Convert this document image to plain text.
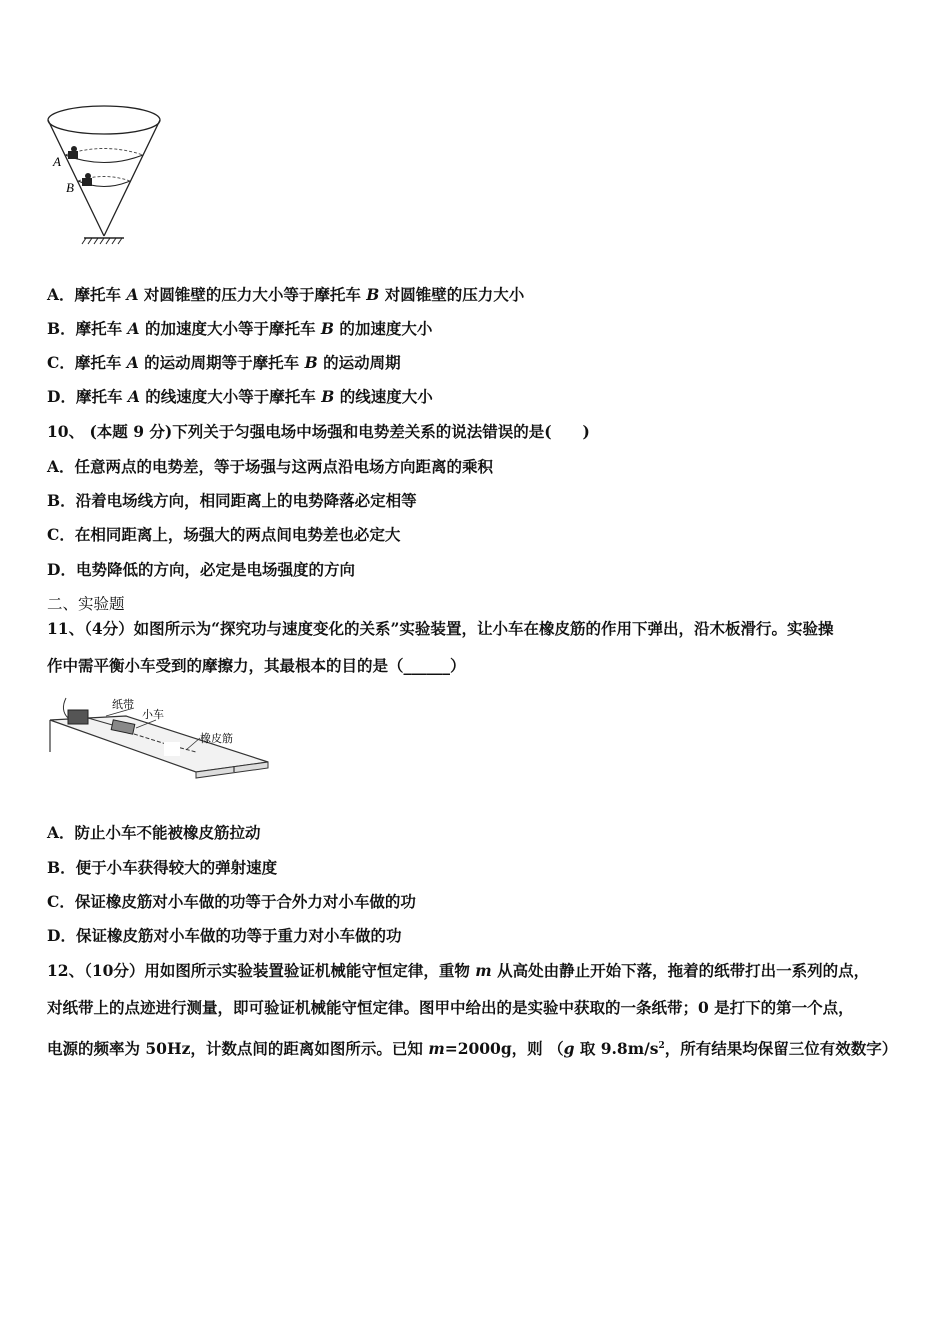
A
B
A．摩托车 A 对圆锥壁的压力大小等于摩托车 B 对圆锥壁的压力大小
B．摩托车 A 的加速度大小等于摩托车 B 的加速度大小
C．摩托车 A 的运动周期等于摩托车 B 的运动周期
D．摩托车 A 的线速度大小等于摩托车 B 的线速度大小
10、 (本题 9 分)下列关于匀强电场中场强和电势差关系的说法错误的是(　　)
A．任意两点的电势差，等于场强与这两点沿电场方向距离的乘积
B．沿着电场线方向，相同距离上的电势降落必定相等
C．在相同距离上，场强大的两点间电势差也必定大
D．电势降低的方向，必定是电场强度的方向
二、实验题
11、（4分）如图所示为“探究功与速度变化的关系”实验装置，让小车在橡皮筋的作用下弹出，沿木板滑行。实验操
作中需平衡小车受到的摩擦力，其最根本的目的是（______）
纸带
小车
橡皮筋
A．防止小车不能被橡皮筋拉动
B．便于小车获得较大的弹射速度
C．保证橡皮筋对小车做的功等于合外力对小车做的功
D．保证橡皮筋对小车做的功等于重力对小车做的功
12、（10分）用如图所示实验装置验证机械能守恒定律，重物 m 从高处由静止开始下落，拖着的纸带打出一系列的点，
对纸带上的点迹进行测量，即可验证机械能守恒定律。图甲中给出的是实验中获取的一条纸带；0 是打下的第一个点，
电源的频率为 50Hz，计数点间的距离如图所示。已知 m=2000g，则 （g 取 $9.8m/s^2$，所有结果均保留三位有效数字）
